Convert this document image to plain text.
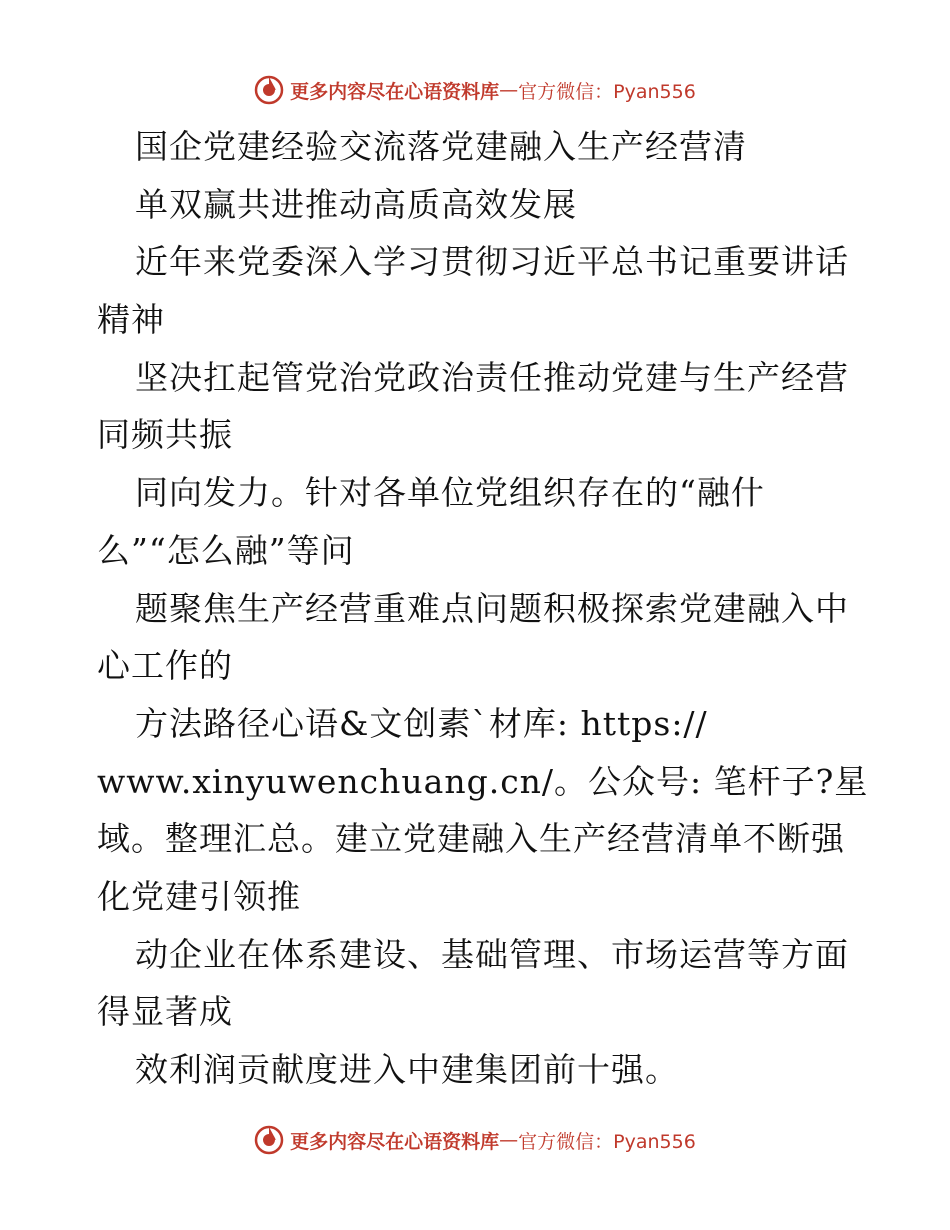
更多内容尽在心语资料库 — 官方微信：Pyan556
国企党建经验交流落党建融入生产经营清
单双赢共进推动高质高效发展
近年来党委深入学习贯彻习近平总书记重要讲话
精神
坚决扛起管党治党政治责任推动党建与生产经营
同频共振
同向发力。针对各单位党组织存在的“融什
么”“怎么融”等问
题聚焦生产经营重难点问题积极探索党建融入中
心工作的
方法路径心语&文创素`材库: https://
www.xinyuwenchuang.cn/。公众号: 笔杆子?星
域。整理汇总。建立党建融入生产经营清单不断强
化党建引领推
动企业在体系建设、基础管理、市场运营等方面
得显著成
效利润贡献度进入中建集团前十强。
更多内容尽在心语资料库 — 官方微信：Pyan556
